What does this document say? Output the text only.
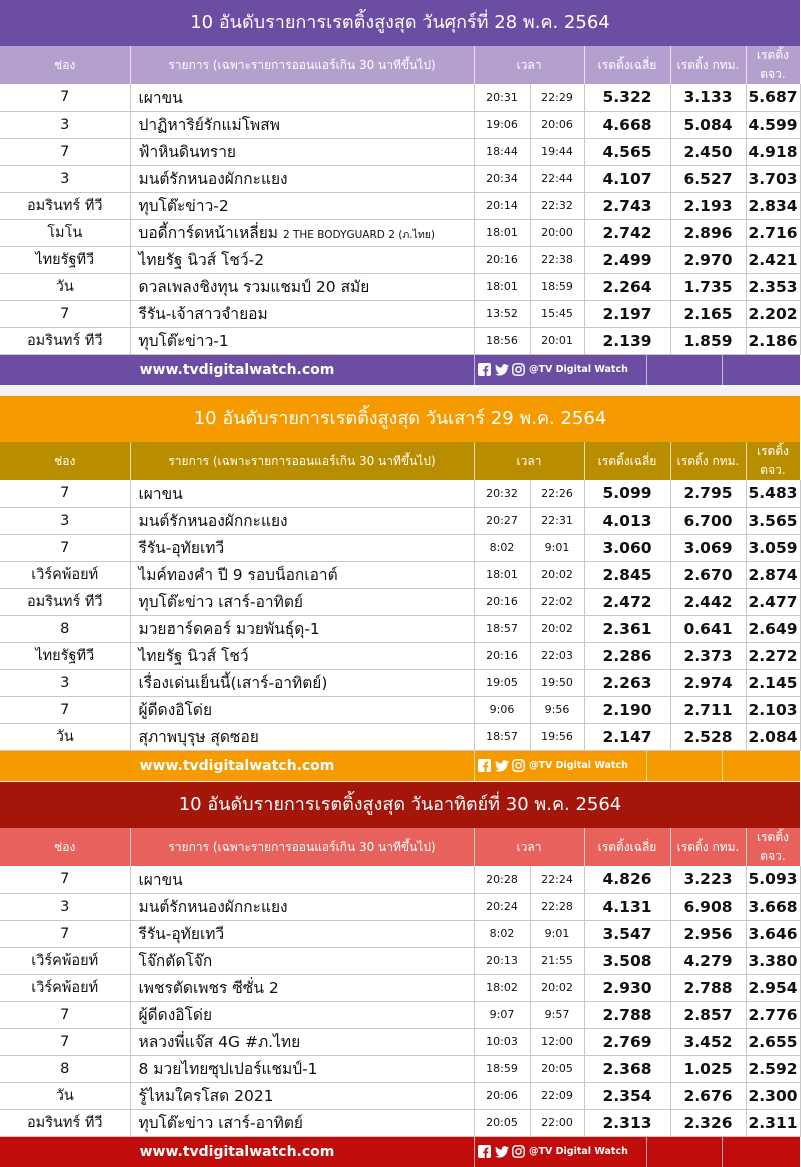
10 อันดับรายการเรตติ้งสูงสุด วันศุกร์ที่ 28 พ.ค. 2564
ช่อง	รายการ (เฉพาะรายการออนแอร์เกิน 30 นาทีขึ้นไป)	เวลา		เรตติ้งเฉลี่ย	เรตติ้ง กทม.	เรตติ้ง ตจว.
7	เผาขน	20:31	22:29	5.322	3.133	5.687
3	ปาฏิหาริย์รักแม่โพสพ	19:06	20:06	4.668	5.084	4.599
7	ฟ้าหินดินทราย	18:44	19:44	4.565	2.450	4.918
3	มนต์รักหนองผักกะแยง	20:34	22:44	4.107	6.527	3.703
อมรินทร์ ทีวี	ทุบโต๊ะข่าว-2	20:14	22:32	2.743	2.193	2.834
โมโน	บอดี้การ์ดหน้าเหลี่ยม 2 THE BODYGUARD 2 (ภ.ไทย)	18:01	20:00	2.742	2.896	2.716
ไทยรัฐทีวี	ไทยรัฐ นิวส์ โชว์-2	20:16	22:38	2.499	2.970	2.421
วัน	ดวลเพลงชิงทุน รวมแชมป์ 20 สมัย	18:01	18:59	2.264	1.735	2.353
7	รีรัน-เจ้าสาวจำยอม	13:52	15:45	2.197	2.165	2.202
อมรินทร์ ทีวี	ทุบโต๊ะข่าว-1	18:56	20:01	2.139	1.859	2.186
www.tvdigitalwatch.com	@TV Digital Watch
10 อันดับรายการเรตติ้งสูงสุด วันเสาร์ 29 พ.ค. 2564
ช่อง	รายการ (เฉพาะรายการออนแอร์เกิน 30 นาทีขึ้นไป)	เวลา		เรตติ้งเฉลี่ย	เรตติ้ง กทม.	เรตติ้ง ตจว.
7	เผาขน	20:32	22:26	5.099	2.795	5.483
3	มนต์รักหนองผักกะแยง	20:27	22:31	4.013	6.700	3.565
7	รีรัน-อุทัยเทวี	8:02	9:01	3.060	3.069	3.059
เวิร์คพ้อยท์	ไมค์ทองคำ ปี 9 รอบน็อกเอาต์	18:01	20:02	2.845	2.670	2.874
อมรินทร์ ทีวี	ทุบโต๊ะข่าว เสาร์-อาทิตย์	20:16	22:02	2.472	2.442	2.477
8	มวยฮาร์ดคอร์ มวยพันธุ์ดุ-1	18:57	20:02	2.361	0.641	2.649
ไทยรัฐทีวี	ไทยรัฐ นิวส์ โชว์	20:16	22:03	2.286	2.373	2.272
3	เรื่องเด่นเย็นนี้(เสาร์-อาทิตย์)	19:05	19:50	2.263	2.974	2.145
7	ผู้ดีดงอิโด่ย	9:06	9:56	2.190	2.711	2.103
วัน	สุภาพบุรุษ สุดซอย	18:57	19:56	2.147	2.528	2.084
www.tvdigitalwatch.com	@TV Digital Watch
10 อันดับรายการเรตติ้งสูงสุด วันอาทิตย์ที่ 30 พ.ค. 2564
ช่อง	รายการ (เฉพาะรายการออนแอร์เกิน 30 นาทีขึ้นไป)	เวลา		เรตติ้งเฉลี่ย	เรตติ้ง กทม.	เรตติ้ง ตจว.
7	เผาขน	20:28	22:24	4.826	3.223	5.093
3	มนต์รักหนองผักกะแยง	20:24	22:28	4.131	6.908	3.668
7	รีรัน-อุทัยเทวี	8:02	9:01	3.547	2.956	3.646
เวิร์คพ้อยท์	โจ๊กตัดโจ๊ก	20:13	21:55	3.508	4.279	3.380
เวิร์คพ้อยท์	เพชรตัดเพชร ซีซั่น 2	18:02	20:02	2.930	2.788	2.954
7	ผู้ดีดงอิโด่ย	9:07	9:57	2.788	2.857	2.776
7	หลวงพี่แจ๊ส 4G #ภ.ไทย	10:03	12:00	2.769	3.452	2.655
8	8 มวยไทยซุปเปอร์แชมป์-1	18:59	20:05	2.368	1.025	2.592
วัน	รู้ไหมใครโสด 2021	20:06	22:09	2.354	2.676	2.300
อมรินทร์ ทีวี	ทุบโต๊ะข่าว เสาร์-อาทิตย์	20:05	22:00	2.313	2.326	2.311
www.tvdigitalwatch.com	@TV Digital Watch
